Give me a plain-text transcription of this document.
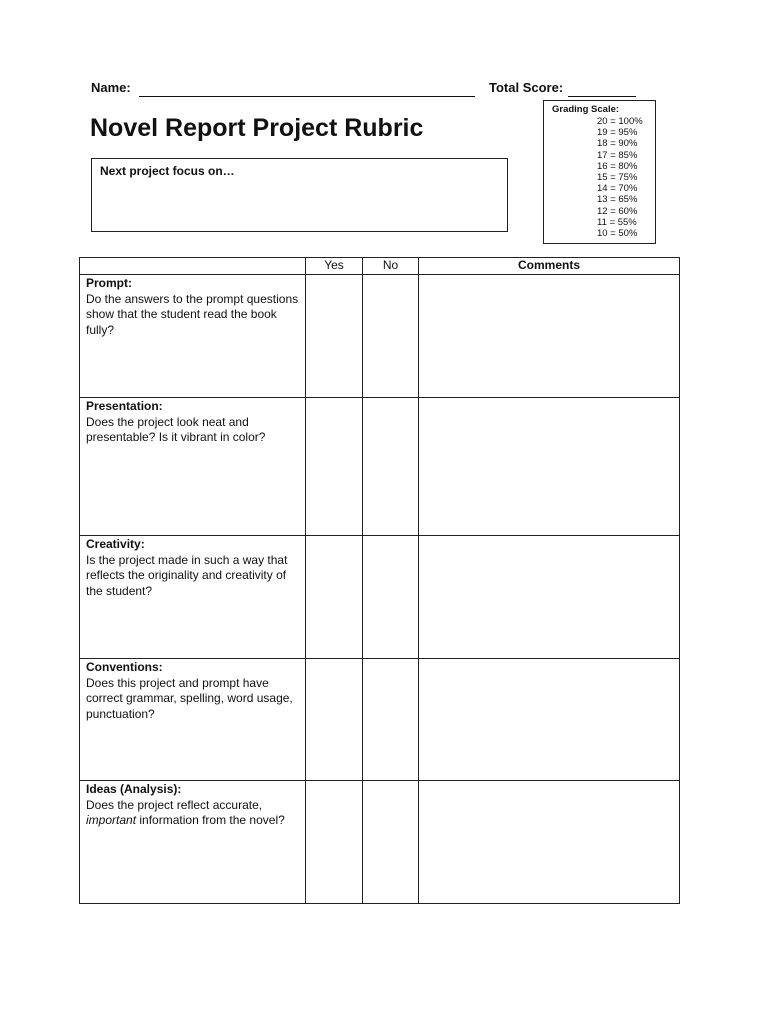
Name:	Total Score:
Novel Report Project Rubric
Next project focus on…
Grading Scale:
20 = 100%
19 = 95%
18 = 90%
17 = 85%
16 = 80%
15 = 75%
14 = 70%
13 = 65%
12 = 60%
11 = 55%
10 = 50%
	Yes	No	Comments

Prompt:
Do the answers to the prompt questions show that the student read the book fully?			

Presentation:
Does the project look neat and presentable? Is it vibrant in color?			

Creativity:
Is the project made in such a way that reflects the originality and creativity of the student?			

Conventions:
Does this project and prompt have correct grammar, spelling, word usage, punctuation?			

Ideas (Analysis):
Does the project reflect accurate, important information from the novel?			
